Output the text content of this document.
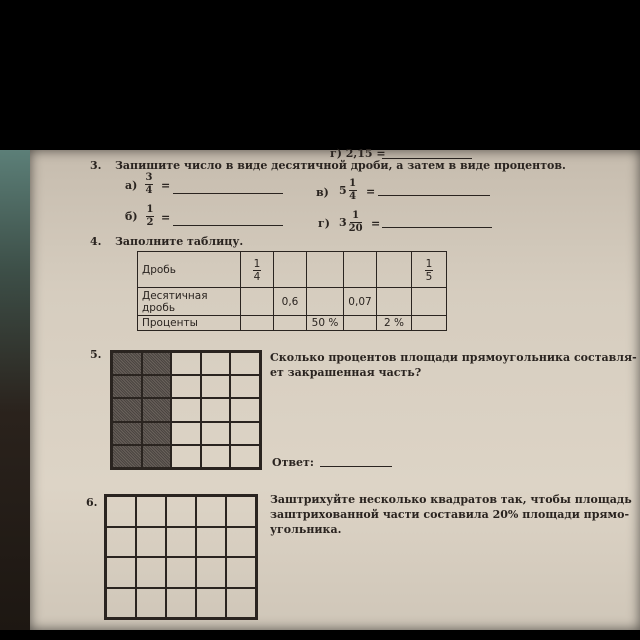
г) 2,15 =
3. Запишите число в виде десятичной дроби, а затем в виде процентов.
а)
3
4 =
б)
1
2 =
в) 5
1
4 =
г) 3
1
20 =
4. Заполните таблицу.
Дробь	$\frac{1}{4}$					$\frac{1}{5}$

Десятичная
дробь		0,6		0,07		
Проценты			50 %		2 %	
5.	Сколько процентов площади прямоугольника составля-
ет закрашенная часть?
Ответ:
6.	Заштрихуйте несколько квадратов так, чтобы площадь
заштрихованной части составила 20% площади прямо-
угольника.
